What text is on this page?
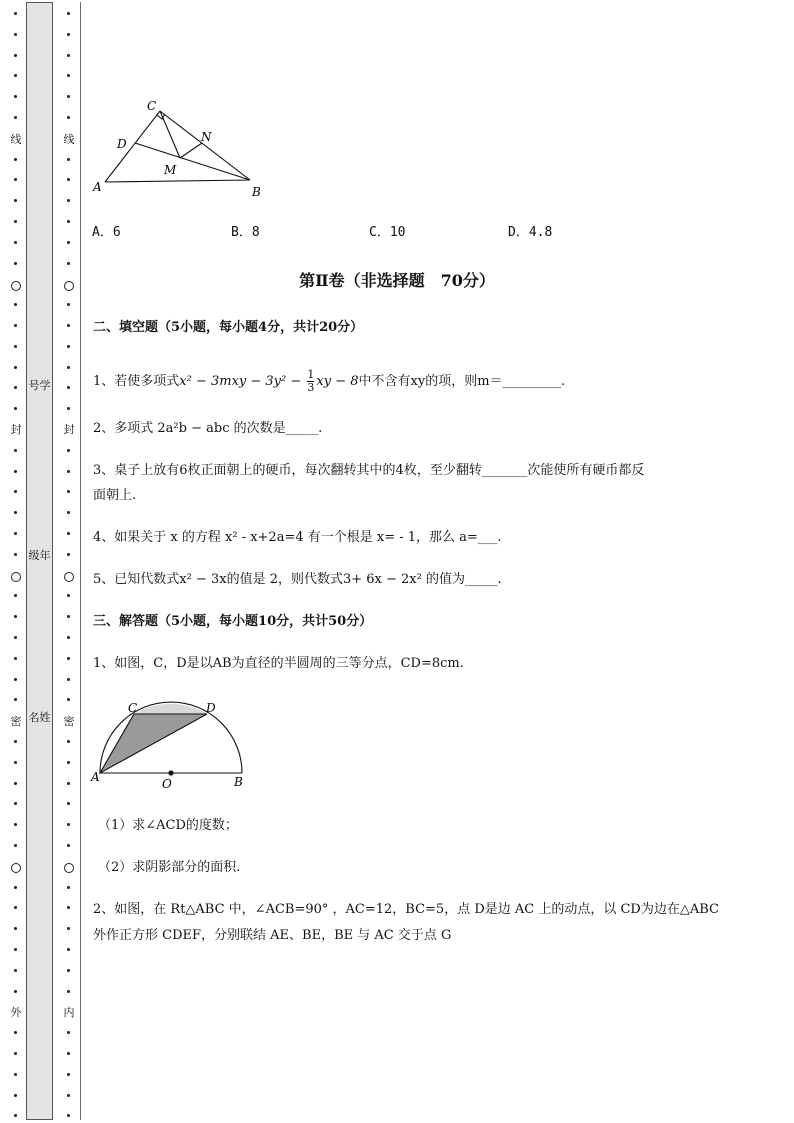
线
封
密
外
线
封
密
内
号学
级年
名姓
C
N
D
M
A	B
A．6	B．8	C．10	D．4.8
第Ⅱ卷（非选择题　70分）
二、填空题（5小题，每小题4分，共计20分）
1、若使多项式$x^2 - 3mxy - 3y^2 - \frac{1}{3}$ xy − 8中不含有xy的项，则m＝_________.
2、多项式 2a²b − abc 的次数是_____.
3、桌子上放有6枚正面朝上的硬币，每次翻转其中的4枚，至少翻转_______次能使所有硬币都反
面朝上.
4、如果关于 x 的方程 x² - x+2a=4 有一个根是 x= - 1，那么 a=___.
5、已知代数式x² − 3x的值是 2，则代数式3+ 6x − 2x² 的值为_____.
三、解答题（5小题，每小题10分，共计50分）
1、如图，C，D是以AB为直径的半圆周的三等分点，CD=8cm.
C	D
A	O	B
（1）求∠ACD的度数；
（2）求阴影部分的面积.
2、如图，在 Rt△ABC 中，∠ACB=90° ，AC=12，BC=5，点 D是边 AC 上的动点，以 CD为边在△ABC
外作正方形 CDEF，分别联结 AE、BE，BE 与 AC 交于点 G
